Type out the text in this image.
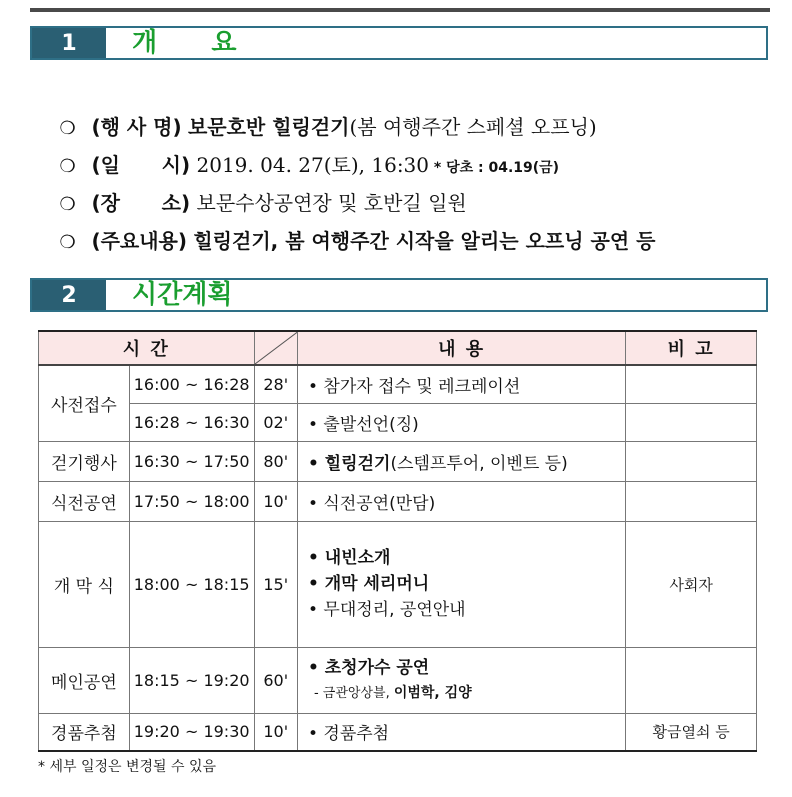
1	개      요

❍ (행 사 명) 보문호반 힐링걷기(봄 여행주간 스페셜 오프닝)

❍ (일      시) 2019. 04. 27(토), 16:30 * 당초 : 04.19(금)

❍ (장      소) 보문수상공연장 및 호반길 일원

❍ (주요내용) 힐링걷기, 봄 여행주간 시작을 알리는 오프닝 공연 등

2	시간계획
시 간			내 용	비 고
사전접수	16:00 ~ 16:28	28'	• 참가자 접수 및 레크레이션	
	16:28 ~ 16:30	02'	• 출발선언(징)	
걷기행사	16:30 ~ 17:50	80'	• 힐링걷기(스템프투어, 이벤트 등)	
식전공연	17:50 ~ 18:00	10'	• 식전공연(만담)	
개 막 식	18:00 ~ 18:15	15'	• 내빈소개
• 개막 세리머니
• 무대정리, 공연안내	사회자
메인공연	18:15 ~ 19:20	60'	• 초청가수 공연
- 금관앙상블, 이범학, 김양	

경품추첨	19:20 ~ 19:30	10'	• 경품추첨	황금열쇠 등
* 세부 일정은 변경될 수 있음
